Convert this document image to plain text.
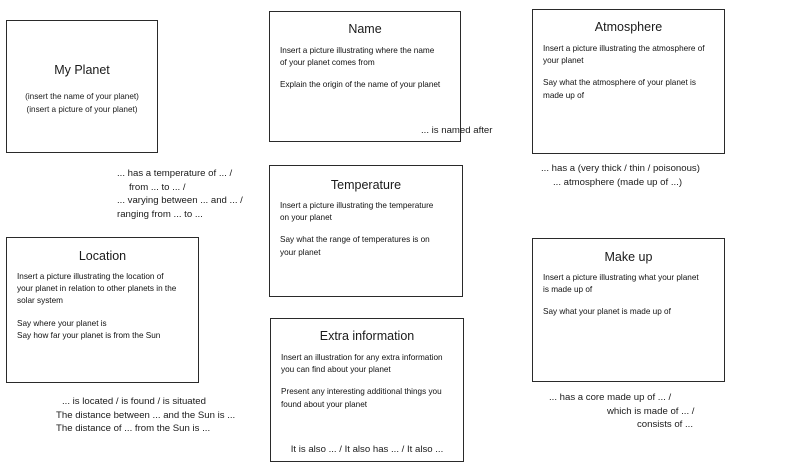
My Planet
(insert the name of your planet)
(insert a picture of your planet)
Name
Insert a picture illustrating where the name
of your planet comes from
Explain the origin of the name of your planet
Atmosphere
Insert a picture illustrating the atmosphere of
your planet
Say what the atmosphere of your planet is
made up of
Temperature
Insert a picture illustrating the temperature
on your planet
Say what the range of temperatures is on
your planet
Location
Insert a picture illustrating the location of
your planet in relation to other planets in the
solar system
Say where your planet is
Say how far your planet is from the Sun
Make up
Insert a picture illustrating what your planet
is made up of
Say what your planet is made up of
Extra information
Insert an illustration for any extra information
you can find about your planet
Present any interesting additional things you
found about your planet
It is also ... / It also has ... / It also ...
... is named after
... has a temperature of ... /
from ... to ... /
... varying between ... and ... /
ranging from ... to ...
... has a (very thick / thin / poisonous)
... atmosphere (made up of ...)
... is located / is found / is situated
The distance between ... and the Sun is ...
The distance of ... from the Sun is ...
... has a core made up of ... /
which is made of ... /
consists of ...
